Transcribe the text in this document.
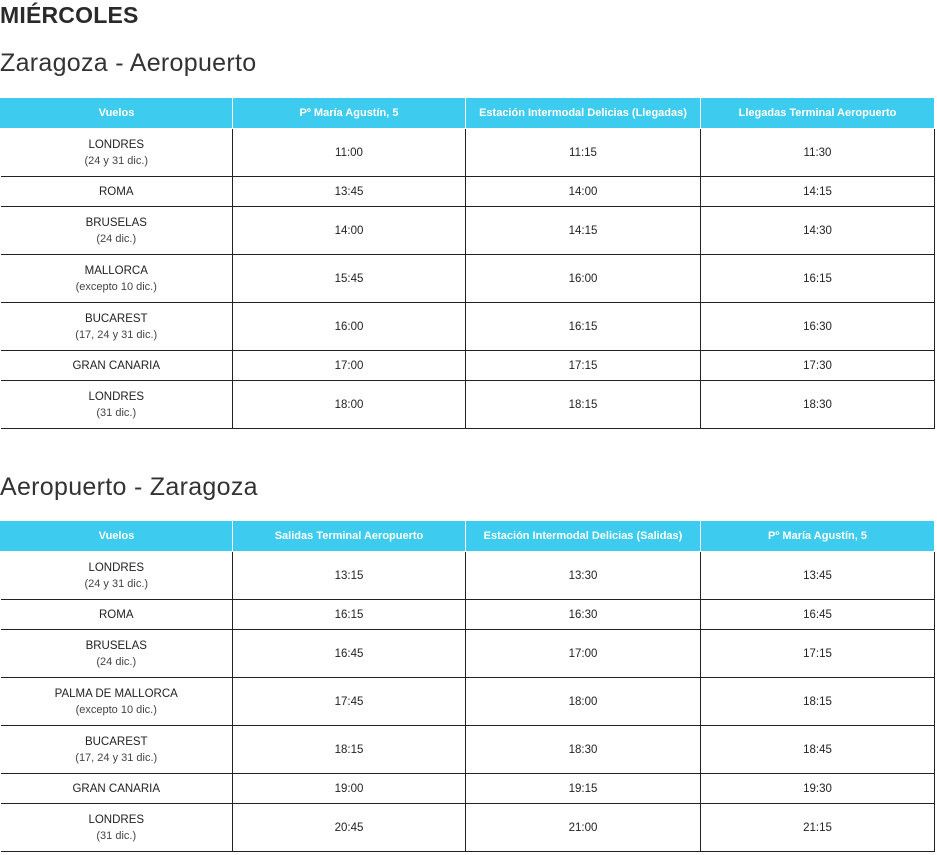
MIÉRCOLES
Zaragoza - Aeropuerto
Vuelos	Pº María Agustín, 5	Estación Intermodal Delicias (Llegadas)	Llegadas Terminal Aeropuerto

LONDRES
(24 y 31 dic.)	11:00	11:15	11:30

ROMA	13:45	14:00	14:15

BRUSELAS
(24 dic.)	14:00	14:15	14:30

MALLORCA
(excepto 10 dic.)	15:45	16:00	16:15

BUCAREST
(17, 24 y 31 dic.)	16:00	16:15	16:30

GRAN CANARIA	17:00	17:15	17:30

LONDRES
(31 dic.)	18:00	18:15	18:30
Aeropuerto - Zaragoza
Vuelos	Salidas Terminal Aeropuerto	Estación Intermodal Delicias (Salidas)	Pº María Agustín, 5

LONDRES
(24 y 31 dic.)	13:15	13:30	13:45

ROMA	16:15	16:30	16:45

BRUSELAS
(24 dic.)	16:45	17:00	17:15

PALMA DE MALLORCA
(excepto 10 dic.)	17:45	18:00	18:15

BUCAREST
(17, 24 y 31 dic.)	18:15	18:30	18:45

GRAN CANARIA	19:00	19:15	19:30

LONDRES
(31 dic.)	20:45	21:00	21:15
